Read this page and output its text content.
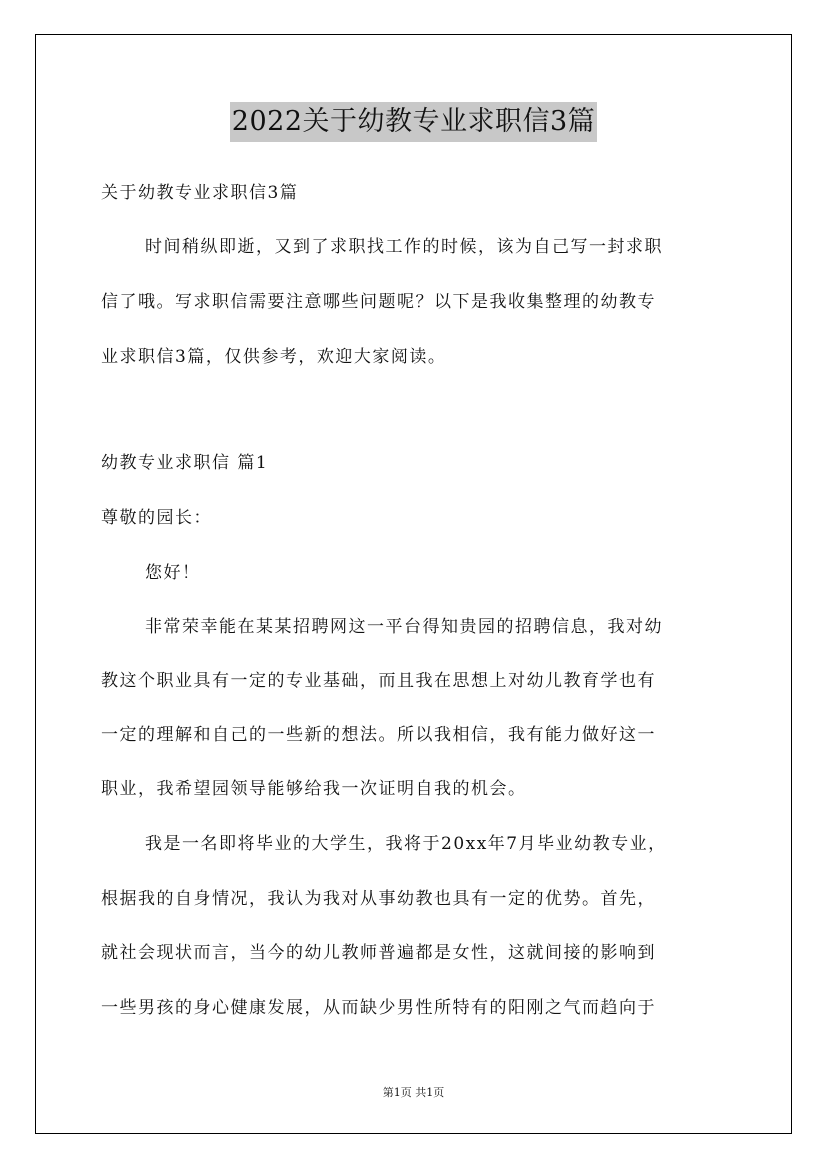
2022关于幼教专业求职信3篇
关于幼教专业求职信3篇
时间稍纵即逝，又到了求职找工作的时候，该为自己写一封求职
信了哦。写求职信需要注意哪些问题呢？以下是我收集整理的幼教专
业求职信3篇，仅供参考，欢迎大家阅读。
幼教专业求职信 篇1
尊敬的园长：
您好！
非常荣幸能在某某招聘网这一平台得知贵园的招聘信息，我对幼
教这个职业具有一定的专业基础，而且我在思想上对幼儿教育学也有
一定的理解和自己的一些新的想法。所以我相信，我有能力做好这一
职业，我希望园领导能够给我一次证明自我的机会。
我是一名即将毕业的大学生，我将于20xx年7月毕业幼教专业，
根据我的自身情况，我认为我对从事幼教也具有一定的优势。首先，
就社会现状而言，当今的幼儿教师普遍都是女性，这就间接的影响到
一些男孩的身心健康发展，从而缺少男性所特有的阳刚之气而趋向于
第1页 共1页
